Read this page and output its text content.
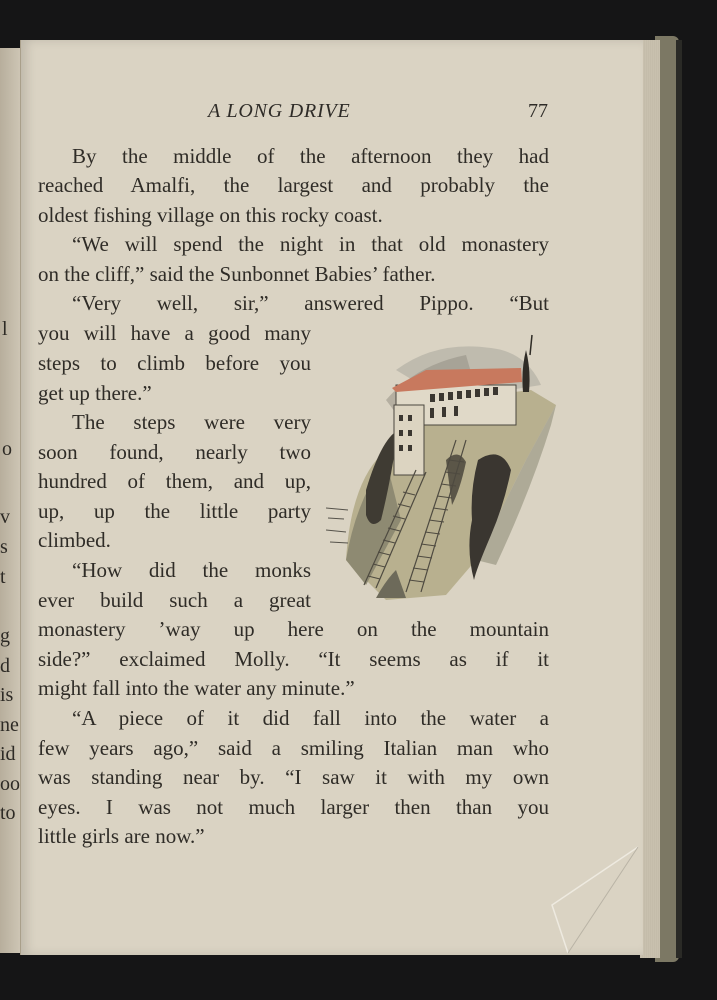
l
o
v
s
t
g
d
is
ne
id
oo
to
A LONG DRIVE	77
By the middle of the afternoon they had
reached Amalfi, the largest and probably the
oldest fishing village on this rocky coast.
“We will spend the night in that old monastery
on the cliff,” said the Sunbonnet Babies’ father.
“Very well, sir,” answered Pippo. “But
you will have a good many
steps to climb before you
get up there.”
The steps were very
soon found, nearly two
hundred of them, and up,
up, up the little party
climbed.
“How did the monks
ever build such a great
monastery ’way up here on the mountain
side?” exclaimed Molly. “It seems as if it
might fall into the water any minute.”
“A piece of it did fall into the water a
few years ago,” said a smiling Italian man who
was standing near by. “I saw it with my own
eyes. I was not much larger then than you
little girls are now.”
